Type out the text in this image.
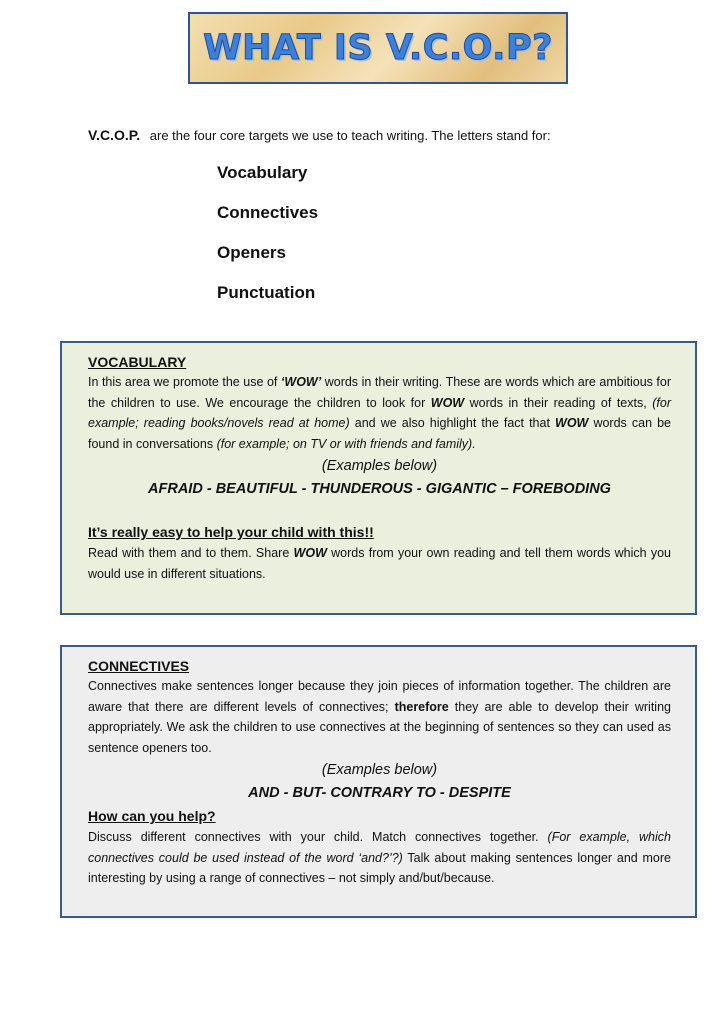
WHAT IS V.C.O.P?
V.C.O.P. are the four core targets we use to teach writing. The letters stand for:
Vocabulary
Connectives
Openers
Punctuation
VOCABULARY

In this area we promote the use of ‘WOW’ words in their writing. These are words which are ambitious for the children to use. We encourage the children to look for WOW words in their reading of texts, (for example; reading books/novels read at home) and we also highlight the fact that WOW words can be found in conversations (for example; on TV or with friends and family).

(Examples below)
AFRAID - BEAUTIFUL - THUNDEROUS - GIGANTIC – FOREBODING
It’s really easy to help your child with this!!

Read with them and to them. Share WOW words from your own reading and tell them words which you would use in different situations.

CONNECTIVES

Connectives make sentences longer because they join pieces of information together. The children are aware that there are different levels of connectives; therefore they are able to develop their writing appropriately. We ask the children to use connectives at the beginning of sentences so they can used as sentence openers too.

(Examples below)
AND - BUT- CONTRARY TO - DESPITE
How can you help?

Discuss different connectives with your child. Match connectives together. (For example, which connectives could be used instead of the word ‘and?’?) Talk about making sentences longer and more interesting by using a range of connectives – not simply and/but/because.
